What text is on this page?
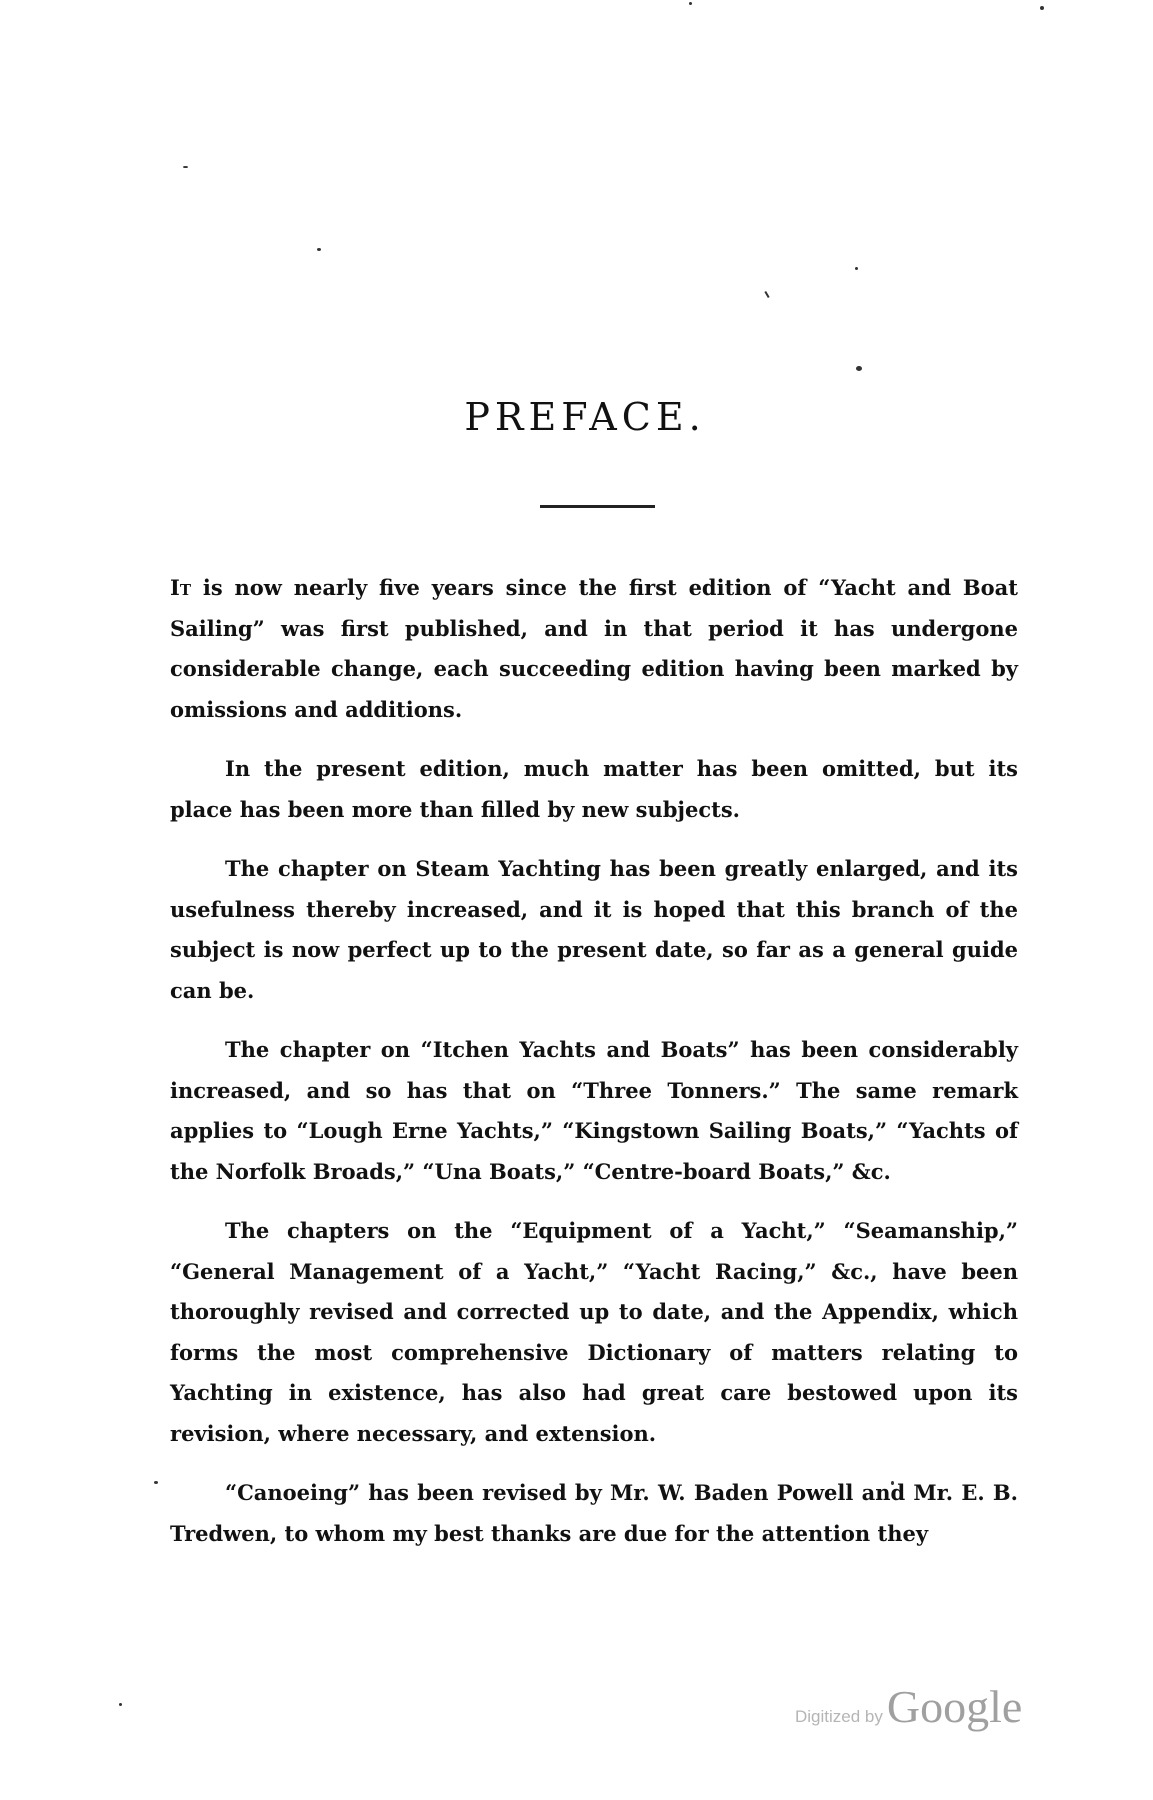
PREFACE.

It is now nearly five years since the first edition of “Yacht and Boat Sailing” was first published, and in that period it has undergone considerable change, each succeeding edition having been marked by omissions and additions.

In the present edition, much matter has been omitted, but its place has been more than filled by new subjects.

The chapter on Steam Yachting has been greatly enlarged, and its usefulness thereby increased, and it is hoped that this branch of the subject is now perfect up to the present date, so far as a general guide can be.

The chapter on “Itchen Yachts and Boats” has been considerably increased, and so has that on “Three Tonners.” The same remark applies to “Lough Erne Yachts,” “Kingstown Sailing Boats,” “Yachts of the Norfolk Broads,” “Una Boats,” “Centre-board Boats,” &c.

The chapters on the “Equipment of a Yacht,” “Seamanship,” “General Management of a Yacht,” “Yacht Racing,” &c., have been thoroughly revised and corrected up to date, and the Appendix, which forms the most comprehensive Dictionary of matters relating to Yachting in existence, has also had great care bestowed upon its revision, where necessary, and extension.

“Canoeing” has been revised by Mr. W. Baden Powell and Mr. E. B. Tredwen, to whom my best thanks are due for the attention they

Digitized by Google
